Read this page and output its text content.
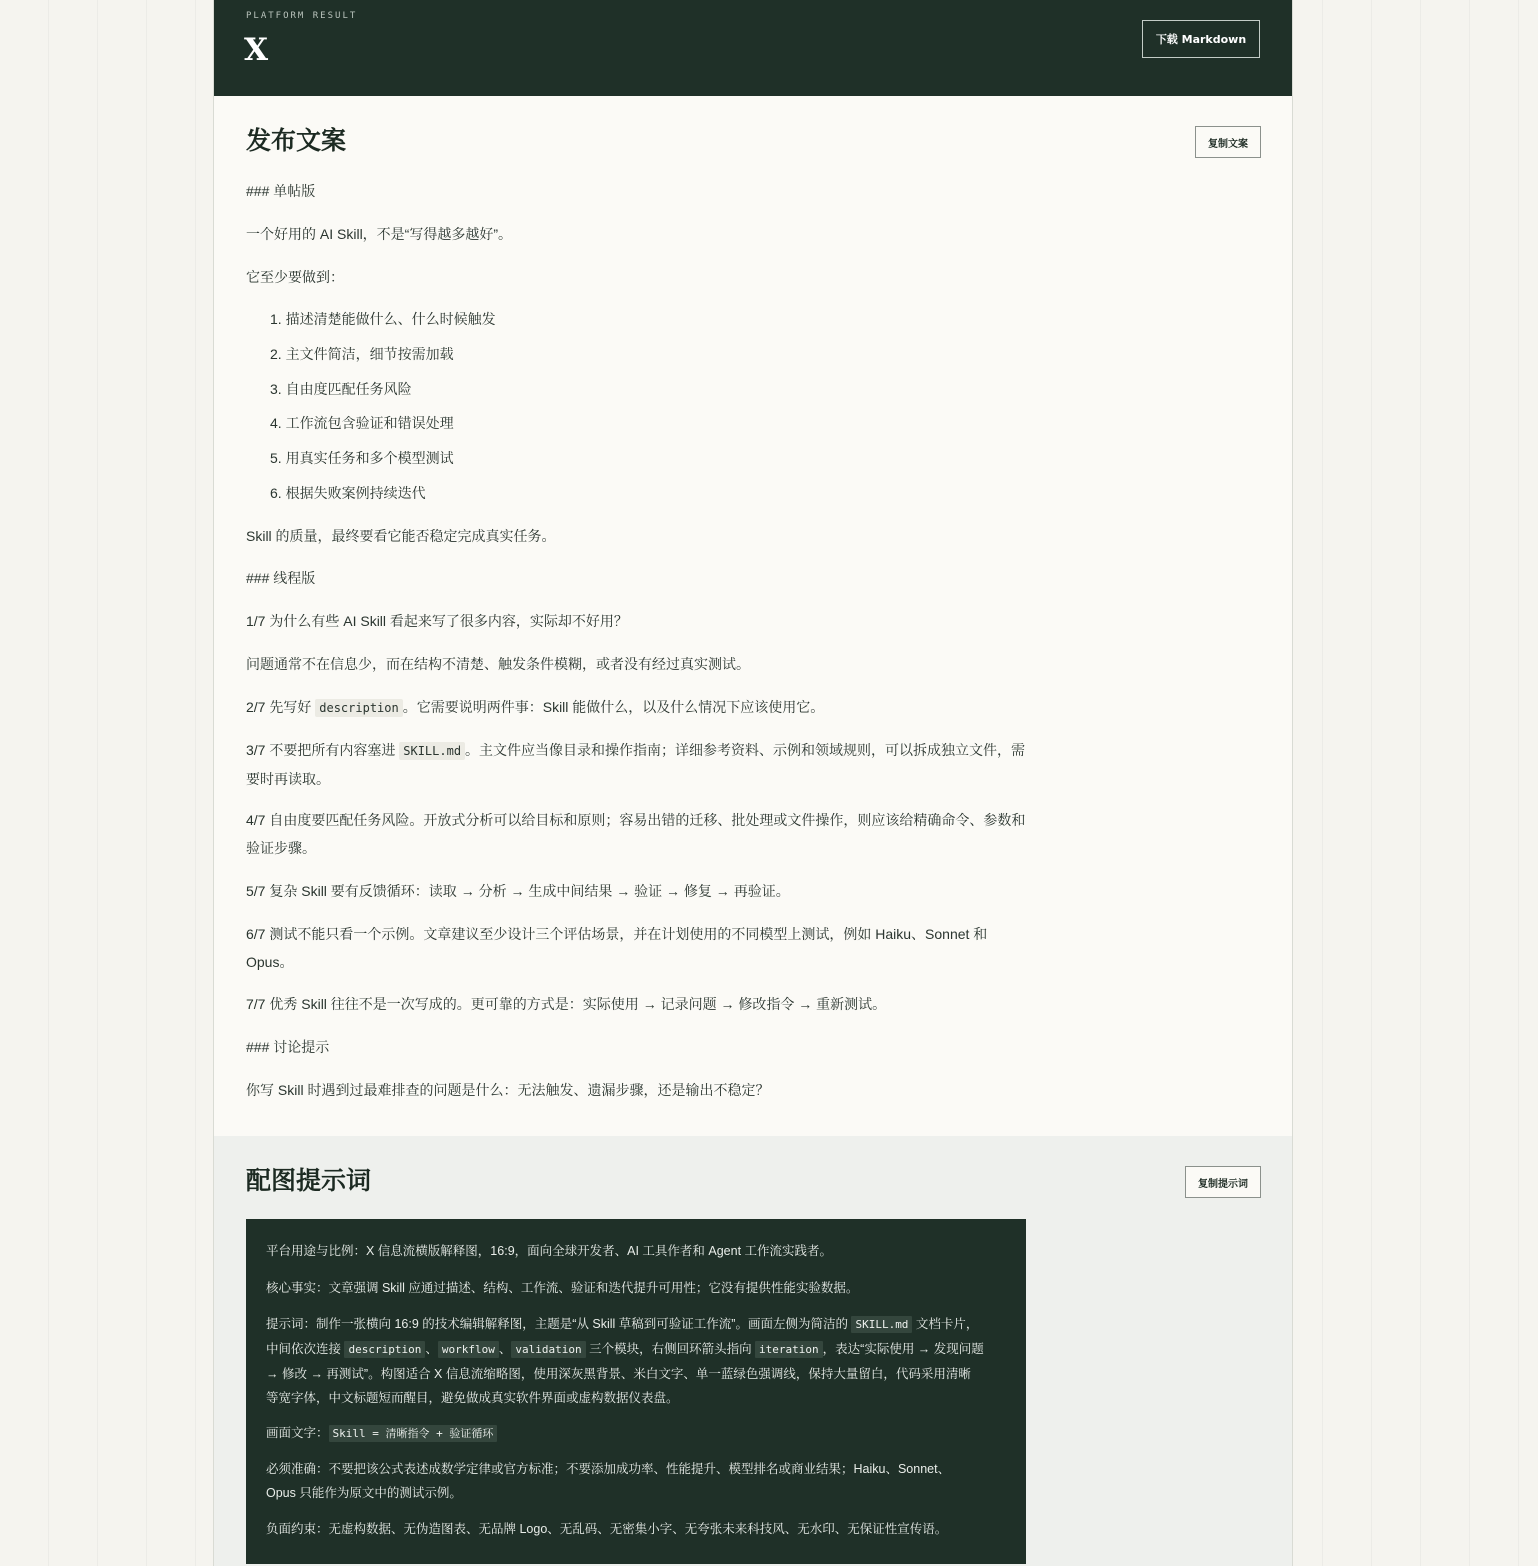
PLATFORM RESULT
X	下载 Markdown
发布文案	复制文案
### 单帖版
一个好用的 AI Skill，不是“写得越多越好”。
它至少要做到：
1. 描述清楚能做什么、什么时候触发
2. 主文件简洁，细节按需加载
3. 自由度匹配任务风险
4. 工作流包含验证和错误处理
5. 用真实任务和多个模型测试
6. 根据失败案例持续迭代
Skill 的质量，最终要看它能否稳定完成真实任务。
### 线程版
1/7 为什么有些 AI Skill 看起来写了很多内容，实际却不好用？
问题通常不在信息少，而在结构不清楚、触发条件模糊，或者没有经过真实测试。
2/7 先写好 description 。它需要说明两件事：Skill 能做什么，以及什么情况下应该使用它。
3/7 不要把所有内容塞进 SKILL.md 。主文件应当像目录和操作指南；详细参考资料、示例和领域规则，可以拆成独立文件，需要时再读取。
4/7 自由度要匹配任务风险。开放式分析可以给目标和原则；容易出错的迁移、批处理或文件操作，则应该给精确命令、参数和验证步骤。
5/7 复杂 Skill 要有反馈循环：读取 → 分析 → 生成中间结果 → 验证 → 修复 → 再验证。
6/7 测试不能只看一个示例。文章建议至少设计三个评估场景，并在计划使用的不同模型上测试，例如 Haiku、Sonnet 和 Opus。
7/7 优秀 Skill 往往不是一次写成的。更可靠的方式是：实际使用 → 记录问题 → 修改指令 → 重新测试。
### 讨论提示
你写 Skill 时遇到过最难排查的问题是什么：无法触发、遗漏步骤，还是输出不稳定？
配图提示词	复制提示词
平台用途与比例：X 信息流横版解释图，16:9，面向全球开发者、AI 工具作者和 Agent 工作流实践者。
核心事实：文章强调 Skill 应通过描述、结构、工作流、验证和迭代提升可用性；它没有提供性能实验数据。
提示词：制作一张横向 16:9 的技术编辑解释图，主题是“从 Skill 草稿到可验证工作流”。画面左侧为简洁的 SKILL.md 文档卡片，
中间依次连接 description 、 workflow 、 validation 三个模块，右侧回环箭头指向 iteration ，表达“实际使用 → 发现问题
→ 修改 → 再测试”。构图适合 X 信息流缩略图，使用深灰黑背景、米白文字、单一蓝绿色强调线，保持大量留白，代码采用清晰
等宽字体，中文标题短而醒目，避免做成真实软件界面或虚构数据仪表盘。
画面文字： Skill = 清晰指令 + 验证循环
必须准确：不要把该公式表述成数学定律或官方标准；不要添加成功率、性能提升、模型排名或商业结果；Haiku、Sonnet、
Opus 只能作为原文中的测试示例。
负面约束：无虚构数据、无伪造图表、无品牌 Logo、无乱码、无密集小字、无夸张未来科技风、无水印、无保证性宣传语。
